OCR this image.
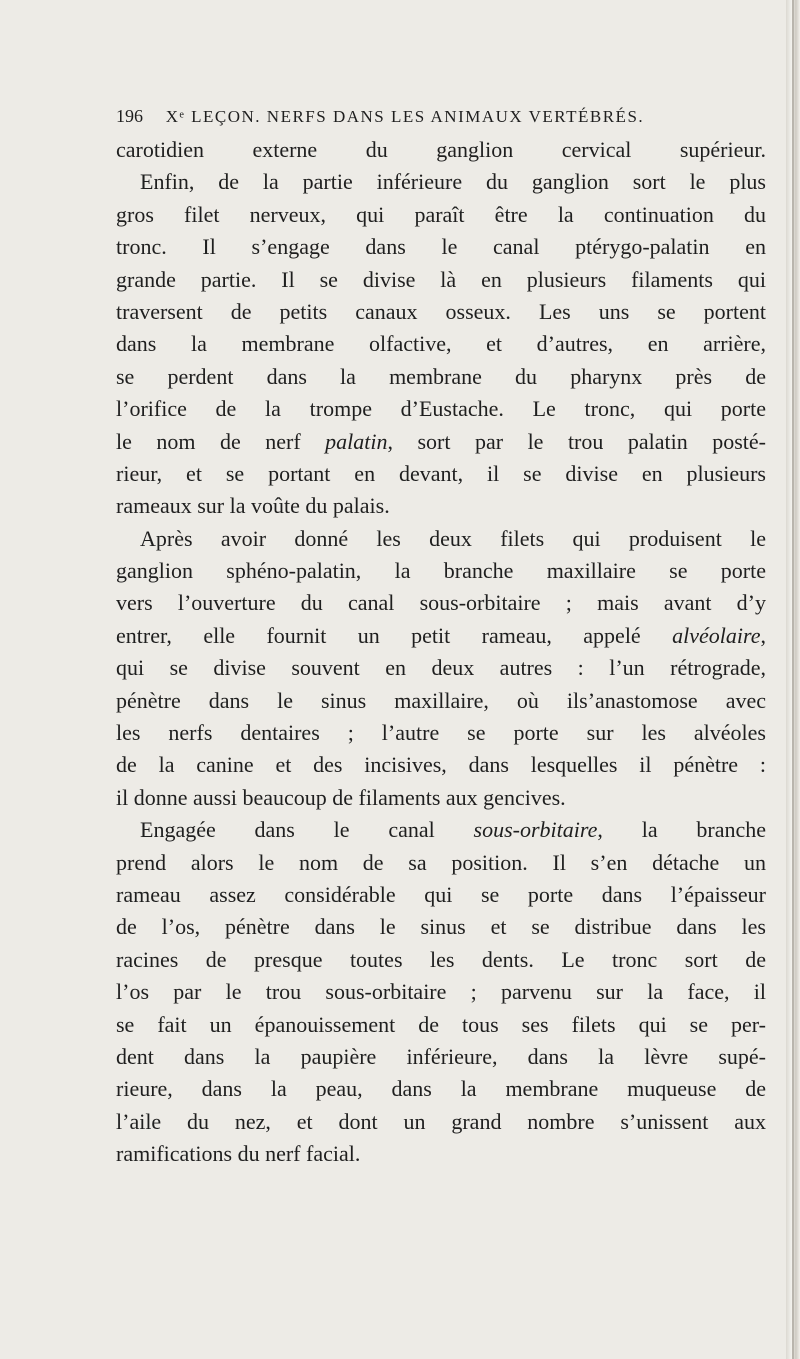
196 Xᵉ LEÇON. NERFS DANS LES ANIMAUX VERTÉBRÉS.
carotidien externe du ganglion cervical supérieur.
Enfin, de la partie inférieure du ganglion sort le plus
gros filet nerveux, qui paraît être la continuation du
tronc. Il s’engage dans le canal ptérygo-palatin en
grande partie. Il se divise là en plusieurs filaments qui
traversent de petits canaux osseux. Les uns se portent
dans la membrane olfactive, et d’autres, en arrière,
se perdent dans la membrane du pharynx près de
l’orifice de la trompe d’Eustache. Le tronc, qui porte
le nom de nerf palatin, sort par le trou palatin posté-
rieur, et se portant en devant, il se divise en plusieurs
rameaux sur la voûte du palais.
Après avoir donné les deux filets qui produisent le
ganglion sphéno-palatin, la branche maxillaire se porte
vers l’ouverture du canal sous-orbitaire ; mais avant d’y
entrer, elle fournit un petit rameau, appelé alvéolaire,
qui se divise souvent en deux autres : l’un rétrograde,
pénètre dans le sinus maxillaire, où ils’anastomose avec
les nerfs dentaires ; l’autre se porte sur les alvéoles
de la canine et des incisives, dans lesquelles il pénètre :
il donne aussi beaucoup de filaments aux gencives.
Engagée dans le canal sous-orbitaire, la branche
prend alors le nom de sa position. Il s’en détache un
rameau assez considérable qui se porte dans l’épaisseur
de l’os, pénètre dans le sinus et se distribue dans les
racines de presque toutes les dents. Le tronc sort de
l’os par le trou sous-orbitaire ; parvenu sur la face, il
se fait un épanouissement de tous ses filets qui se per-
dent dans la paupière inférieure, dans la lèvre supé-
rieure, dans la peau, dans la membrane muqueuse de
l’aile du nez, et dont un grand nombre s’unissent aux
ramifications du nerf facial.
